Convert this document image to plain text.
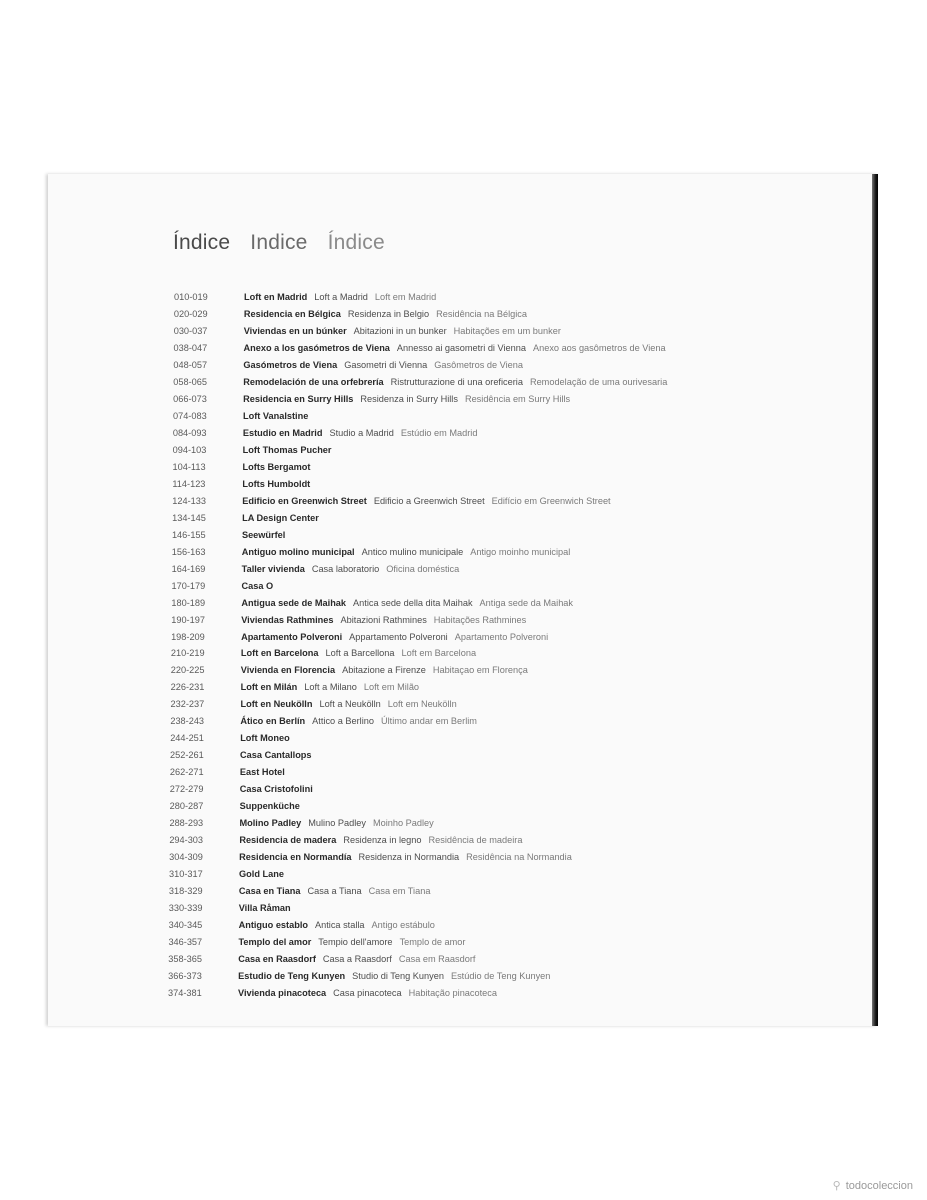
Índice Indice Índice
010-019	Loft en Madrid Loft a Madrid Loft em Madrid
020-029	Residencia en Bélgica Residenza in Belgio Residência na Bélgica
030-037	Viviendas en un búnker Abitazioni in un bunker Habitações em um bunker
038-047	Anexo a los gasómetros de Viena Annesso ai gasometri di Vienna Anexo aos gasômetros de Viena
048-057	Gasómetros de Viena Gasometri di Vienna Gasômetros de Viena
058-065	Remodelación de una orfebrería Ristrutturazione di una oreficeria Remodelação de uma ourivesaria
066-073	Residencia en Surry Hills Residenza in Surry Hills Residência em Surry Hills
074-083	Loft Vanalstine
084-093	Estudio en Madrid Studio a Madrid Estúdio em Madrid
094-103	Loft Thomas Pucher
104-113	Lofts Bergamot
114-123	Lofts Humboldt
124-133	Edificio en Greenwich Street Edificio a Greenwich Street Edifício em Greenwich Street
134-145	LA Design Center
146-155	Seewürfel
156-163	Antiguo molino municipal Antico mulino municipale Antigo moinho municipal
164-169	Taller vivienda Casa laboratorio Oficina doméstica
170-179	Casa O
180-189	Antigua sede de Maihak Antica sede della dita Maihak Antiga sede da Maihak
190-197	Viviendas Rathmines Abitazioni Rathmines Habitações Rathmines
198-209	Apartamento Polveroni Appartamento Polveroni Apartamento Polveroni
210-219	Loft en Barcelona Loft a Barcellona Loft em Barcelona
220-225	Vivienda en Florencia Abitazione a Firenze Habitaçao em Florença
226-231	Loft en Milán Loft a Milano Loft em Milão
232-237	Loft en Neukölln Loft a Neukölln Loft em Neukölln
238-243	Ático en Berlín Attico a Berlino Último andar em Berlim
244-251	Loft Moneo
252-261	Casa Cantallops
262-271	East Hotel
272-279	Casa Cristofolini
280-287	Suppenküche
288-293	Molino Padley Mulino Padley Moinho Padley
294-303	Residencia de madera Residenza in legno Residência de madeira
304-309	Residencia en Normandía Residenza in Normandia Residência na Normandia
310-317	Gold Lane
318-329	Casa en Tiana Casa a Tiana Casa em Tiana
330-339	Villa Råman
340-345	Antiguo establo Antica stalla Antigo estábulo
346-357	Templo del amor Tempio dell'amore Templo de amor
358-365	Casa en Raasdorf Casa a Raasdorf Casa em Raasdorf
366-373	Estudio de Teng Kunyen Studio di Teng Kunyen Estúdio de Teng Kunyen
374-381	Vivienda pinacoteca Casa pinacoteca Habitação pinacoteca
⚲ todocoleccion
